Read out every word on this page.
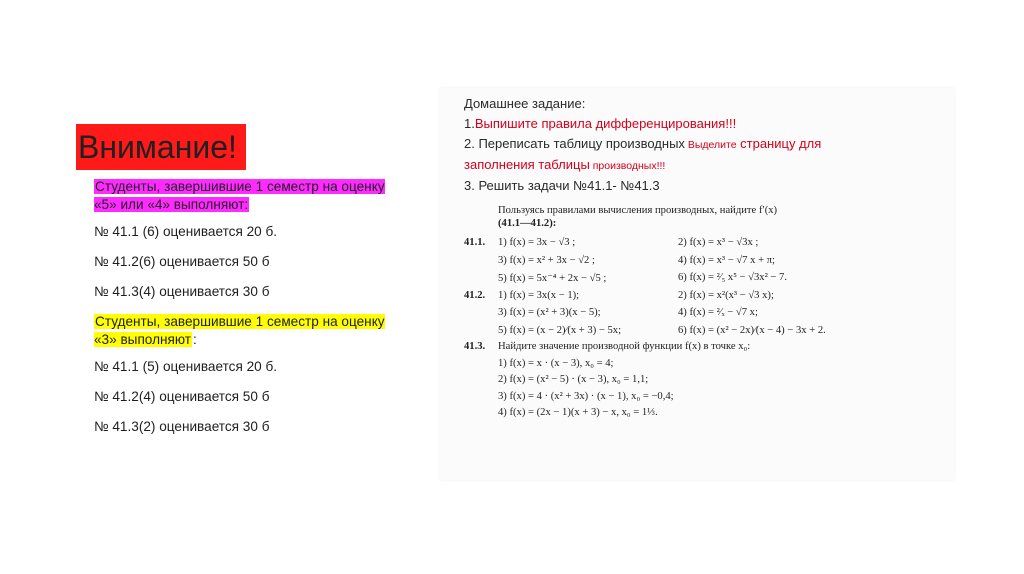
Внимание!
Студенты, завершившие 1 семестр на оценку «5» или «4» выполняют:
№ 41.1 (6) оценивается 20 б.
№ 41.2(6) оценивается 50 б
№ 41.3(4) оценивается 30 б
Студенты, завершившие 1 семестр на оценку «3» выполняют :
№ 41.1 (5) оценивается 20 б.
№ 41.2(4) оценивается 50 б
№ 41.3(2) оценивается 30 б
Домашнее задание:
1.Выпишите правила дифференцирования!!!
2. Переписать таблицу производных Выделите страницу для
заполнения таблицы производных!!!
3. Решить задачи №41.1- №41.3
Пользуясь правилами вычисления производных, найдите f′(x)
(41.1—41.2):
41.1.	1) f(x) = 3x − √3 ;	2) f(x) = x³ − √3x ;
	3) f(x) = x² + 3x − √2 ;	4) f(x) = x³ − √7 x + π;
	5) f(x) = 5x⁻⁴ + 2x − √5 ;	6) f(x) = ²⁄₅ x⁵ − √3x² − 7.
41.2.	1) f(x) = 3x(x − 1);	2) f(x) = x²(x³ − √3 x);
	3) f(x) = (x² + 3)(x − 5);	4) f(x) = ²⁄ₓ − √7 x;
	5) f(x) = (x − 2)⁄(x + 3) − 5x;	6) f(x) = (x² − 2x)⁄(x − 4) − 3x + 2.
41.3. Найдите значение производной функции f(x) в точке x₀:
1) f(x) = x · (x − 3), x₀ = 4;
2) f(x) = (x² − 5) · (x − 3), x₀ = 1,1;
3) f(x) = 4 · (x² + 3x) · (x − 1), x₀ = −0,4;
4) f(x) = (2x − 1)(x + 3) − x, x₀ = 1⅓.
